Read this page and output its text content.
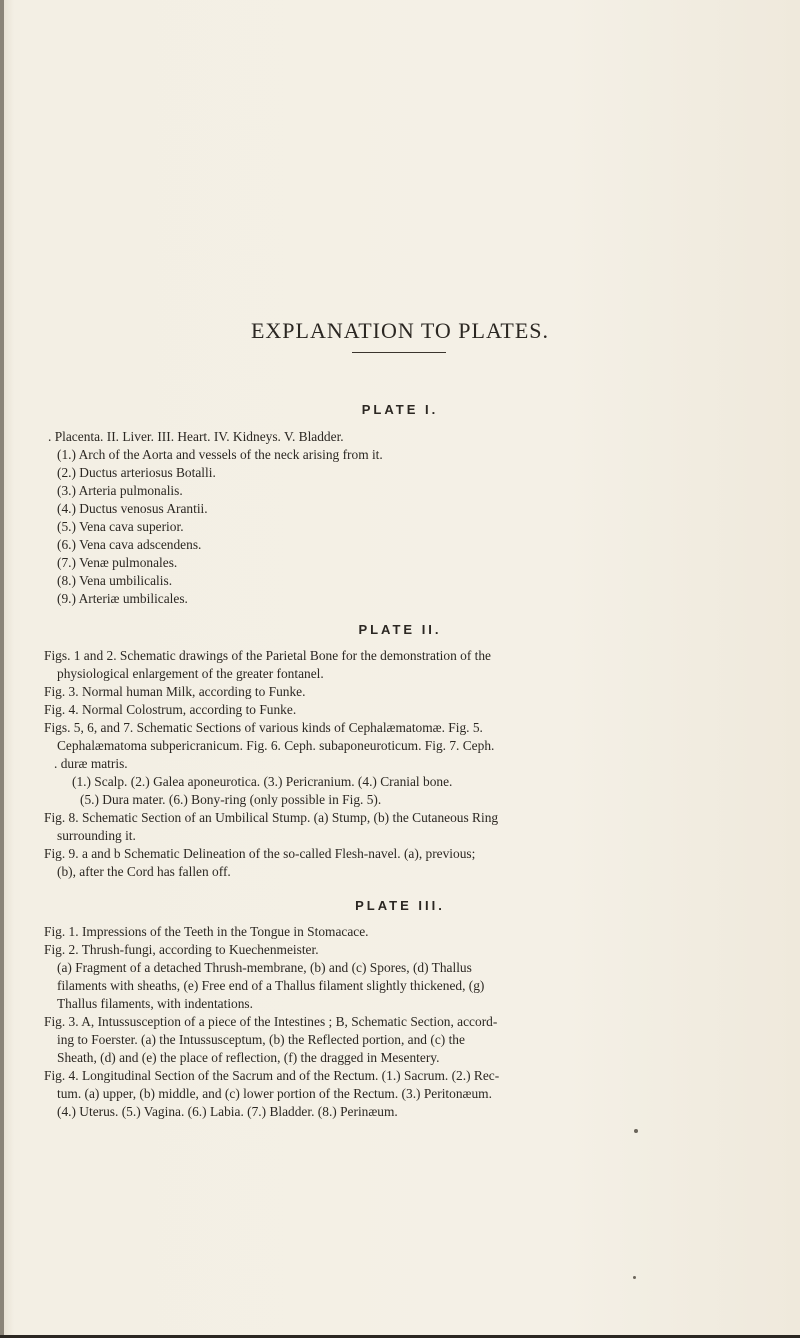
EXPLANATION TO PLATES.
PLATE I.
. Placenta. II. Liver. III. Heart. IV. Kidneys. V. Bladder.
(1.) Arch of the Aorta and vessels of the neck arising from it.
(2.) Ductus arteriosus Botalli.
(3.) Arteria pulmonalis.
(4.) Ductus venosus Arantii.
(5.) Vena cava superior.
(6.) Vena cava adscendens.
(7.) Venæ pulmonales.
(8.) Vena umbilicalis.
(9.) Arteriæ umbilicales.
PLATE II.
Figs. 1 and 2. Schematic drawings of the Parietal Bone for the demonstration of the
physiological enlargement of the greater fontanel.
Fig. 3. Normal human Milk, according to Funke.
Fig. 4. Normal Colostrum, according to Funke.
Figs. 5, 6, and 7. Schematic Sections of various kinds of Cephalæmatomæ. Fig. 5.
Cephalæmatoma subpericranicum. Fig. 6. Ceph. subaponeuroticum. Fig. 7. Ceph.
. duræ matris.
(1.) Scalp. (2.) Galea aponeurotica. (3.) Pericranium. (4.) Cranial bone.
(5.) Dura mater. (6.) Bony-ring (only possible in Fig. 5).
Fig. 8. Schematic Section of an Umbilical Stump. (a) Stump, (b) the Cutaneous Ring
surrounding it.
Fig. 9. a and b Schematic Delineation of the so-called Flesh-navel. (a), previous;
(b), after the Cord has fallen off.
PLATE III.
Fig. 1. Impressions of the Teeth in the Tongue in Stomacace.
Fig. 2. Thrush-fungi, according to Kuechenmeister.
(a) Fragment of a detached Thrush-membrane, (b) and (c) Spores, (d) Thallus
filaments with sheaths, (e) Free end of a Thallus filament slightly thickened, (g)
Thallus filaments, with indentations.
Fig. 3. A, Intussusception of a piece of the Intestines ; B, Schematic Section, accord-
ing to Foerster. (a) the Intussusceptum, (b) the Reflected portion, and (c) the
Sheath, (d) and (e) the place of reflection, (f) the dragged in Mesentery.
Fig. 4. Longitudinal Section of the Sacrum and of the Rectum. (1.) Sacrum. (2.) Rec-
tum. (a) upper, (b) middle, and (c) lower portion of the Rectum. (3.) Peritonæum.
(4.) Uterus. (5.) Vagina. (6.) Labia. (7.) Bladder. (8.) Perinæum.
